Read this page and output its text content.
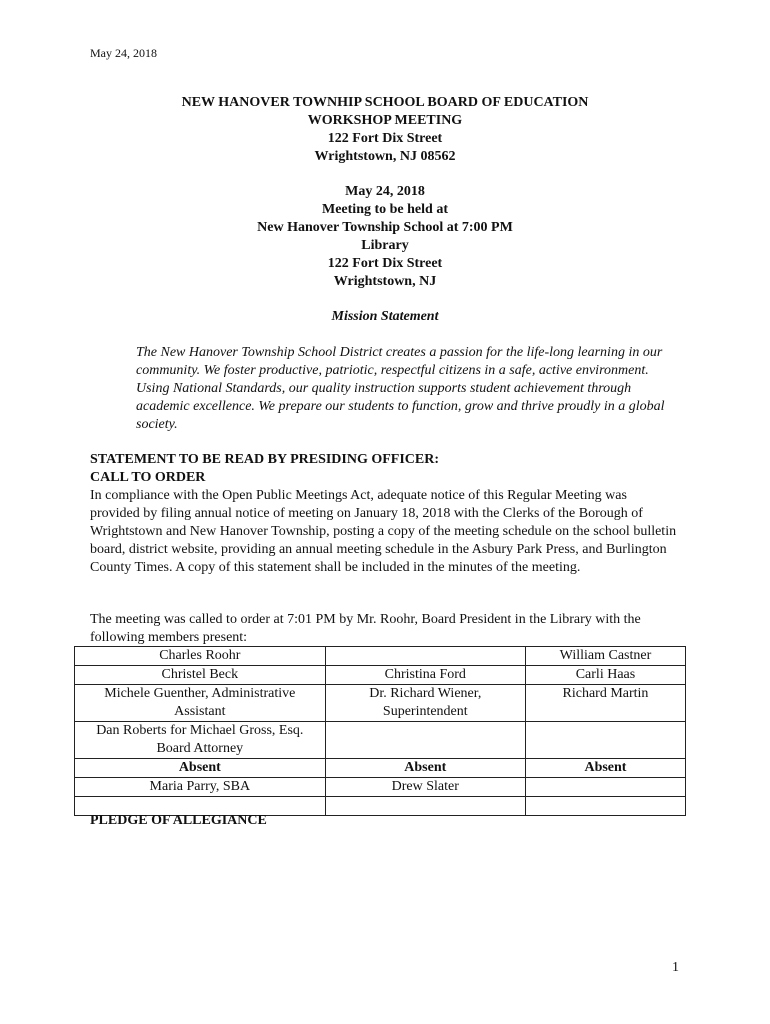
May 24, 2018
NEW HANOVER TOWNHIP SCHOOL BOARD OF EDUCATION
WORKSHOP MEETING
122 Fort Dix Street
Wrightstown, NJ 08562
May 24, 2018
Meeting to be held at
New Hanover Township School at 7:00 PM
Library
122 Fort Dix Street
Wrightstown, NJ
Mission Statement
The New Hanover Township School District creates a passion for the life-long learning in our community. We foster productive, patriotic, respectful citizens in a safe, active environment. Using National Standards, our quality instruction supports student achievement through academic excellence. We prepare our students to function, grow and thrive proudly in a global society.
STATEMENT TO BE READ BY PRESIDING OFFICER:
CALL TO ORDER
In compliance with the Open Public Meetings Act, adequate notice of this Regular Meeting was provided by filing annual notice of meeting on January 18, 2018 with the Clerks of the Borough of Wrightstown and New Hanover Township, posting a copy of the meeting schedule on the school bulletin board, district website, providing an annual meeting schedule in the Asbury Park Press, and Burlington County Times. A copy of this statement shall be included in the minutes of the meeting.
The meeting was called to order at 7:01 PM by Mr. Roohr, Board President in the Library with the following members present:
Charles Roohr		William Castner
Christel Beck	Christina Ford	Carli Haas
Michele Guenther, Administrative Assistant	Dr. Richard Wiener, Superintendent	Richard Martin
Dan Roberts for Michael Gross, Esq. Board Attorney		
Absent	Absent	Absent
Maria Parry, SBA	Drew Slater	

PLEDGE OF ALLEGIANCE
1
